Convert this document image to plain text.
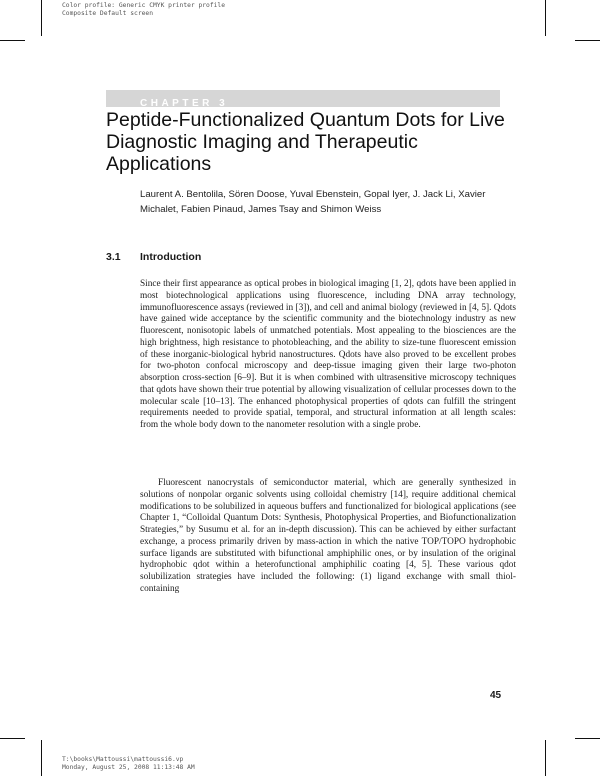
Color profile: Generic CMYK printer profile
Composite Default screen
CHAPTER 3
Peptide-Functionalized Quantum Dots for Live Diagnostic Imaging and Therapeutic Applications
Laurent A. Bentolila, Sören Doose, Yuval Ebenstein, Gopal Iyer, J. Jack Li, Xavier Michalet, Fabien Pinaud, James Tsay and Shimon Weiss
3.1 Introduction
Since their first appearance as optical probes in biological imaging [1, 2], qdots have been applied in most biotechnological applications using fluorescence, including DNA array technology, immunofluorescence assays (reviewed in [3]), and cell and animal biology (reviewed in [4, 5]. Qdots have gained wide acceptance by the scientific community and the biotechnology industry as new fluorescent, nonisotopic labels of unmatched potentials. Most appealing to the biosciences are the high brightness, high resistance to photobleaching, and the ability to size-tune fluorescent emission of these inorganic-biological hybrid nanostructures. Qdots have also proved to be excellent probes for two-photon confocal microscopy and deep-tissue imaging given their large two-photon absorption cross-section [6–9]. But it is when combined with ultrasensitive microscopy techniques that qdots have shown their true potential by allowing visualization of cellular processes down to the molecular scale [10–13]. The enhanced photophysical properties of qdots can fulfill the stringent requirements needed to provide spatial, temporal, and structural information at all length scales: from the whole body down to the nanometer resolution with a single probe.
Fluorescent nanocrystals of semiconductor material, which are generally synthesized in solutions of nonpolar organic solvents using colloidal chemistry [14], require additional chemical modifications to be solubilized in aqueous buffers and functionalized for biological applications (see Chapter 1, “Colloidal Quantum Dots: Synthesis, Photophysical Properties, and Biofunctionalization Strategies,” by Susumu et al. for an in-depth discussion). This can be achieved by either surfactant exchange, a process primarily driven by mass-action in which the native TOP/TOPO hydrophobic surface ligands are substituted with bifunctional amphiphilic ones, or by insulation of the original hydrophobic qdot within a heterofunctional amphiphilic coating [4, 5]. These various qdot solubilization strategies have included the following: (1) ligand exchange with small thiol-containing
45
T:\books\Mattoussi\mattoussi6.vp
Monday, August 25, 2008 11:13:48 AM
